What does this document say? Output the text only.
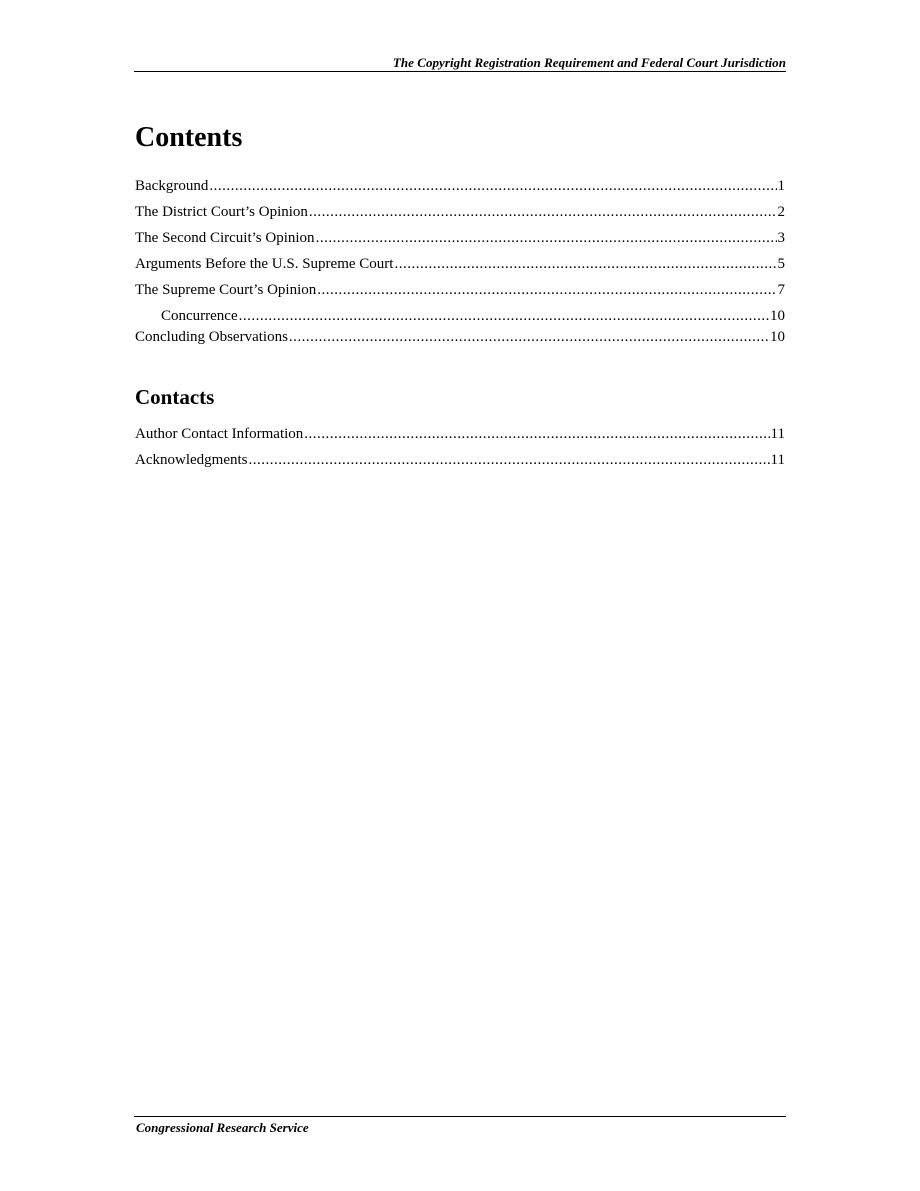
The Copyright Registration Requirement and Federal Court Jurisdiction
Contents
Background .....	1
The District Court’s Opinion .....	2
The Second Circuit’s Opinion .....	3
Arguments Before the U.S. Supreme Court .....	5
The Supreme Court’s Opinion .....	7
Concurrence .....	10
Concluding Observations .....	10
Contacts
Author Contact Information .....	11
Acknowledgments .....	11
Congressional Research Service
